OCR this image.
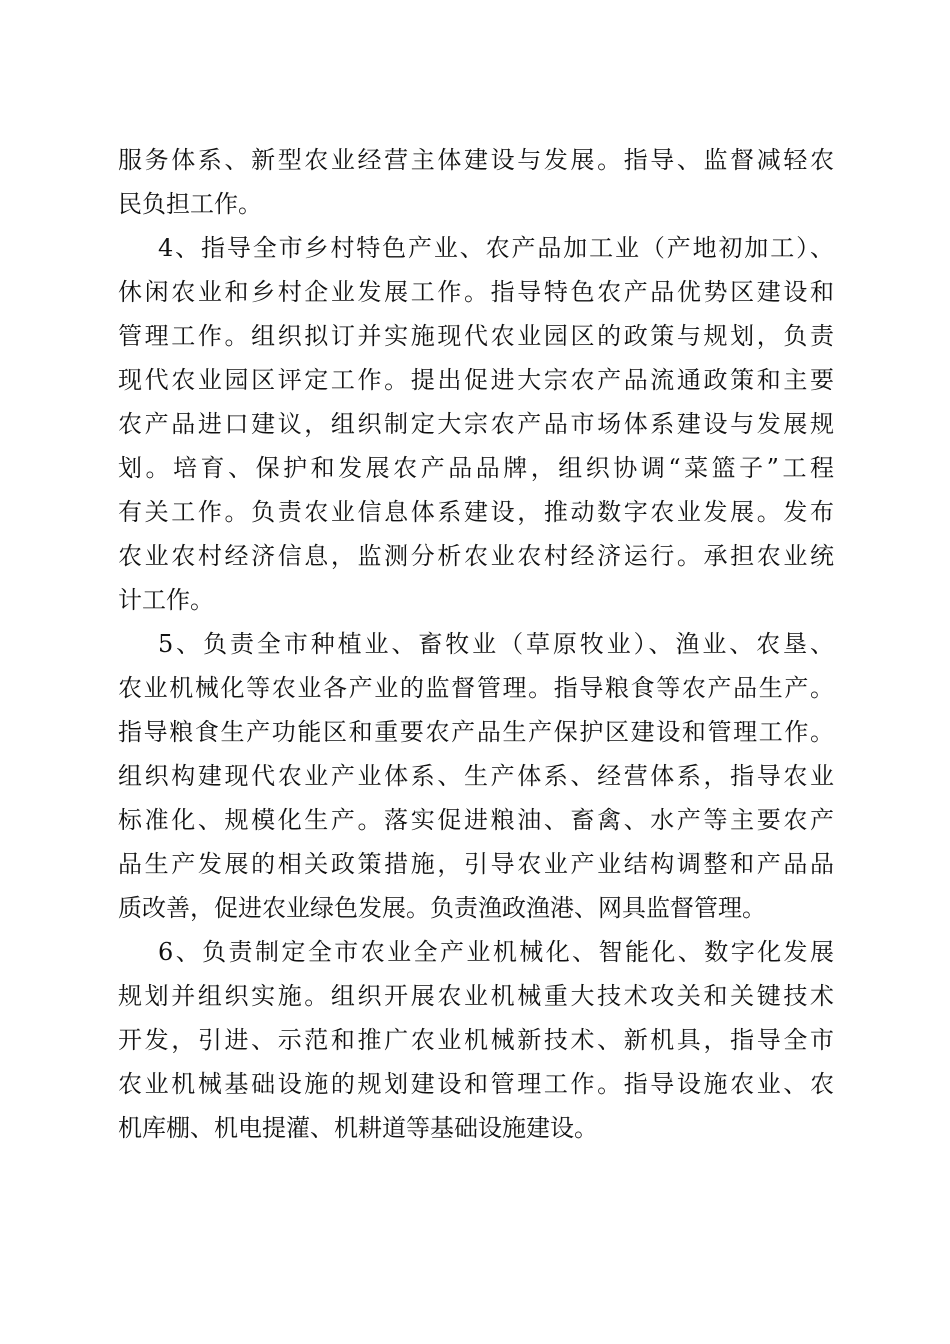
服务体系、新型农业经营主体建设与发展。指导、监督减轻农
民负担工作。
4、指导全市乡村特色产业、农产品加工业（产地初加工）、
休闲农业和乡村企业发展工作。指导特色农产品优势区建设和
管理工作。组织拟订并实施现代农业园区的政策与规划，负责
现代农业园区评定工作。提出促进大宗农产品流通政策和主要
农产品进口建议，组织制定大宗农产品市场体系建设与发展规
划。培育、保护和发展农产品品牌，组织协调“菜篮子”工程
有关工作。负责农业信息体系建设，推动数字农业发展。发布
农业农村经济信息，监测分析农业农村经济运行。承担农业统
计工作。
5、负责全市种植业、畜牧业（草原牧业）、渔业、农垦、
农业机械化等农业各产业的监督管理。指导粮食等农产品生产。
指导粮食生产功能区和重要农产品生产保护区建设和管理工作。
组织构建现代农业产业体系、生产体系、经营体系，指导农业
标准化、规模化生产。落实促进粮油、畜禽、水产等主要农产
品生产发展的相关政策措施，引导农业产业结构调整和产品品
质改善，促进农业绿色发展。负责渔政渔港、网具监督管理。
6、负责制定全市农业全产业机械化、智能化、数字化发展
规划并组织实施。组织开展农业机械重大技术攻关和关键技术
开发，引进、示范和推广农业机械新技术、新机具，指导全市
农业机械基础设施的规划建设和管理工作。指导设施农业、农
机库棚、机电提灌、机耕道等基础设施建设。
